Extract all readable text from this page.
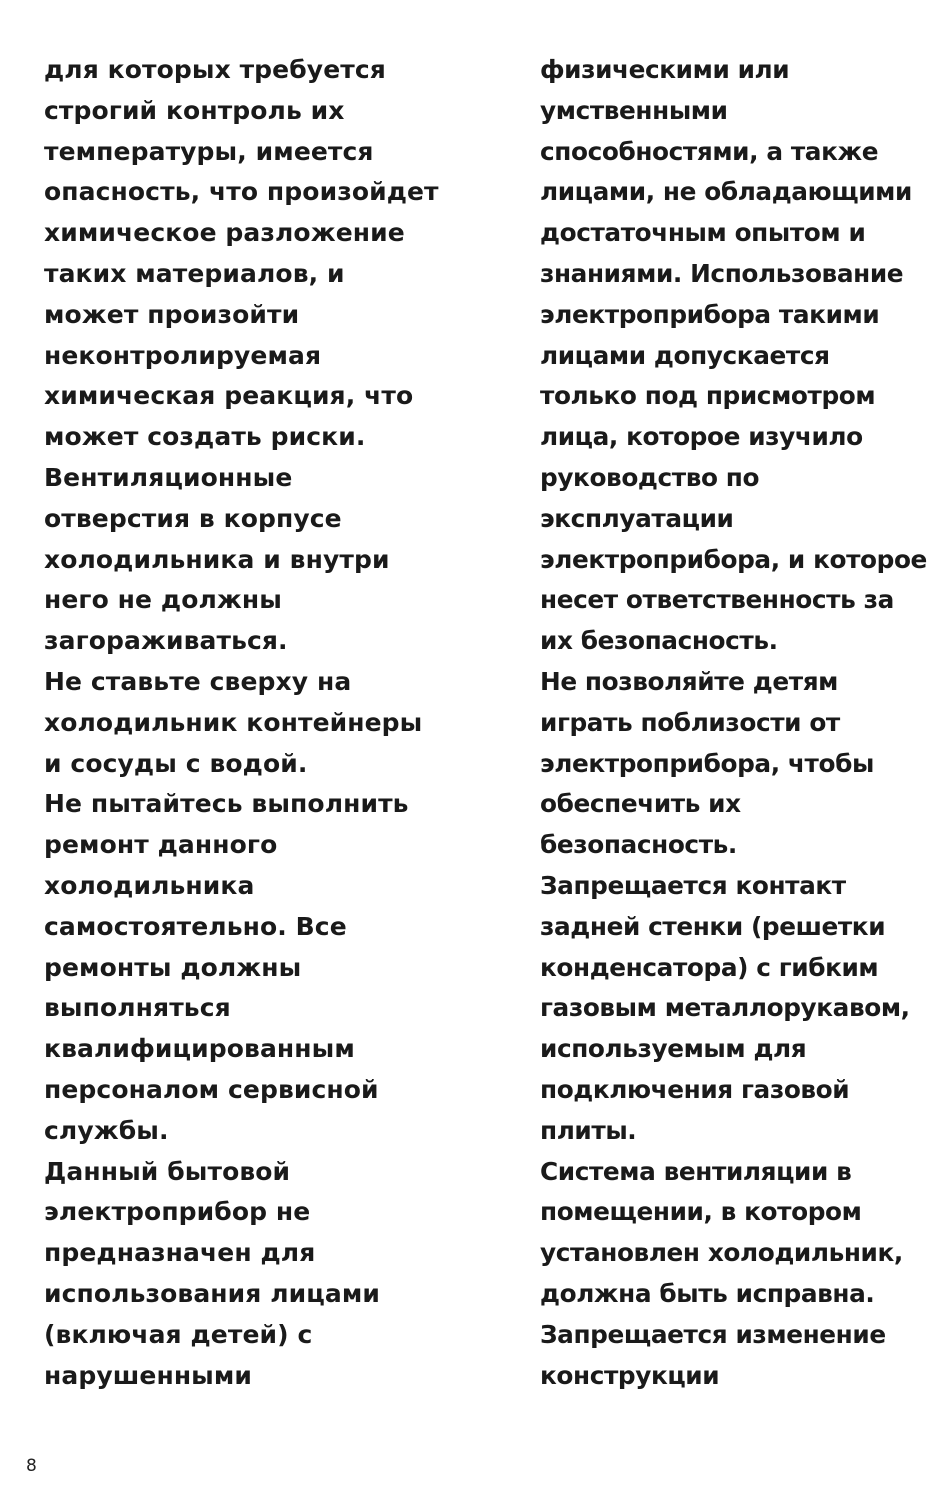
для которых требуется
строгий контроль их
температуры, имеется
опасность, что произойдет
химическое разложение
таких материалов, и
может произойти
неконтролируемая
химическая реакция, что
может создать риски.
Вентиляционные
отверстия в корпусе
холодильника и внутри
него не должны
загораживаться.
Не ставьте сверху на
холодильник контейнеры
и сосуды с водой.
Не пытайтесь выполнить
ремонт данного
холодильника
самостоятельно. Все
ремонты должны
выполняться
квалифицированным
персоналом сервисной
службы.
Данный бытовой
электроприбор не
предназначен для
использования лицами
(включая детей) с
нарушенными
физическими или
умственными
способностями, а также
лицами, не обладающими
достаточным опытом и
знаниями. Использование
электроприбора такими
лицами допускается
только под присмотром
лица, которое изучило
руководство по
эксплуатации
электроприбора, и которое
несет ответственность за
их безопасность.
Не позволяйте детям
играть поблизости от
электроприбора, чтобы
обеспечить их
безопасность.
Запрещается контакт
задней стенки (решетки
конденсатора) с гибким
газовым металлорукавом,
используемым для
подключения газовой
плиты.
Система вентиляции в
помещении, в котором
установлен холодильник,
должна быть исправна.
Запрещается изменение
конструкции
8
